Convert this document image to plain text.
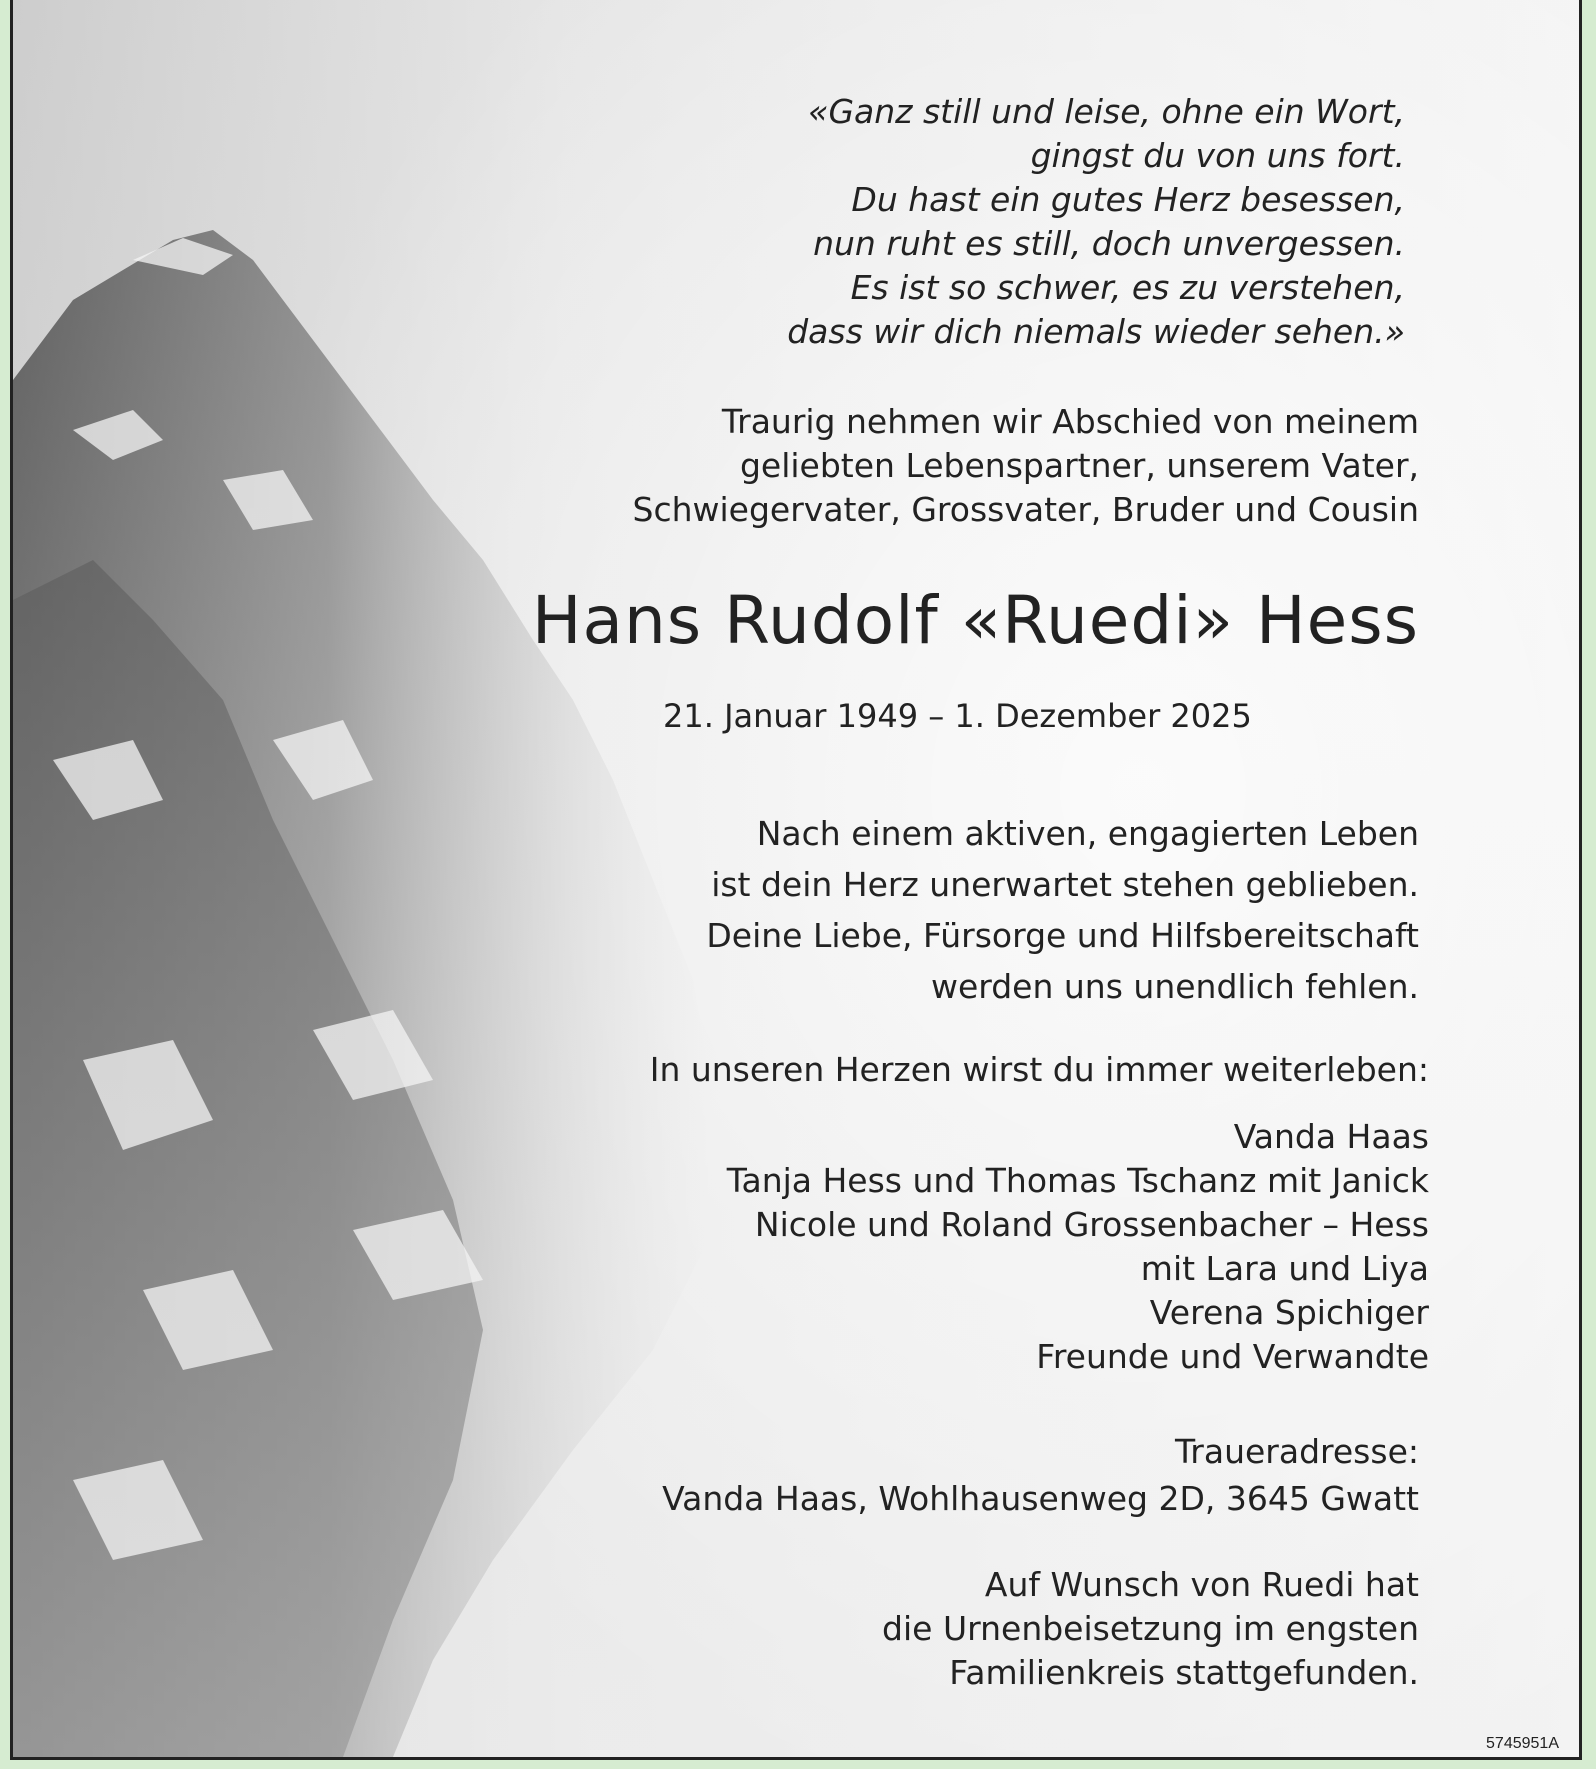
«Ganz still und leise, ohne ein Wort,
gingst du von uns fort.
Du hast ein gutes Herz besessen,
nun ruht es still, doch unvergessen.
Es ist so schwer, es zu verstehen,
dass wir dich niemals wieder sehen.»
Traurig nehmen wir Abschied von meinem
geliebten Lebenspartner, unserem Vater,
Schwiegervater, Grossvater, Bruder und Cousin
Hans Rudolf «Ruedi» Hess
21. Januar 1949 – 1. Dezember 2025
Nach einem aktiven, engagierten Leben
ist dein Herz unerwartet stehen geblieben.
Deine Liebe, Fürsorge und Hilfsbereitschaft
werden uns unendlich fehlen.
In unseren Herzen wirst du immer weiterleben:
Vanda Haas
Tanja Hess und Thomas Tschanz mit Janick
Nicole und Roland Grossenbacher – Hess
mit Lara und Liya
Verena Spichiger
Freunde und Verwandte
Traueradresse:
Vanda Haas, Wohlhausenweg 2D, 3645 Gwatt
Auf Wunsch von Ruedi hat
die Urnenbeisetzung im engsten
Familienkreis stattgefunden.
5745951A
